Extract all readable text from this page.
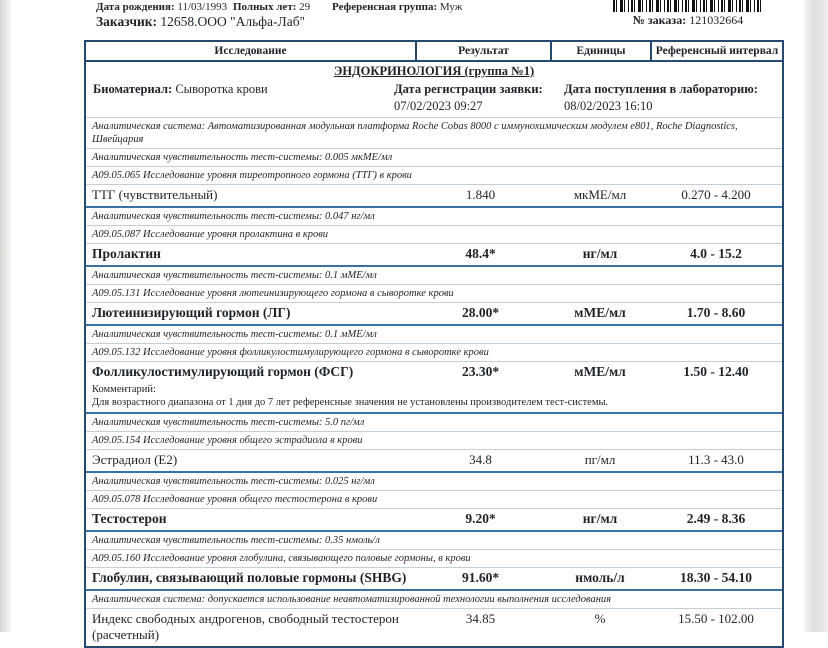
Дата рождения: 11/03/1993 Полных лет: 29 Референсная группа: Муж
Заказчик: 12658.ООО "Альфа-Лаб"	№ заказа: 121032664
Исследование	Результат	Единицы	Референсный интервал
ЭНДОКРИНОЛОГИЯ (группа №1)
Биоматериал: Сыворотка крови	Дата регистрации заявки:
07/02/2023 09:27
Дата поступления в лабораторию:
08/02/2023 16:10
Аналитическая система: Автоматизированная модульная платформа Roche Cobas 8000 с иммунохимическим модулем e801, Roche Diagnostics, Швейцария
Аналитическая чувствительность тест-системы: 0.005 мкМЕ/мл
А09.05.065 Исследование уровня тиреотропного гормона (ТТГ) в крови
ТТГ (чувствительный)	1.840	мкМЕ/мл	0.270 - 4.200
Аналитическая чувствительность тест-системы: 0.047 нг/мл
А09.05.087 Исследование уровня пролактина в крови
Пролактин	48.4*	нг/мл	4.0 - 15.2
Аналитическая чувствительность тест-системы: 0.1 мМЕ/мл
А09.05.131 Исследование уровня лютеинизирующего гормона в сыворотке крови
Лютеинизирующий гормон (ЛГ)	28.00*	мМЕ/мл	1.70 - 8.60
Аналитическая чувствительность тест-системы: 0.1 мМЕ/мл
А09.05.132 Исследование уровня фолликулостимулирующего гормона в сыворотке крови
Фолликулостимулирующий гормон (ФСГ)	23.30*	мМЕ/мл	1.50 - 12.40
Комментарий:
Для возрастного диапазона от 1 дня до 7 лет референсные значения не установлены производителем тест-системы.
Аналитическая чувствительность тест-системы: 5.0 пг/мл
А09.05.154 Исследование уровня общего эстрадиола в крови
Эстрадиол (E2)	34.8	пг/мл	11.3 - 43.0
Аналитическая чувствительность тест-системы: 0.025 нг/мл
А09.05.078 Исследование уровня общего тестостерона в крови
Тестостерон	9.20*	нг/мл	2.49 - 8.36
Аналитическая чувствительность тест-системы: 0.35 нмоль/л
А09.05.160 Исследование уровня глобулина, связывающего половые гормоны, в крови
Глобулин, связывающий половые гормоны (SHBG)	91.60*	нмоль/л	18.30 - 54.10
Аналитическая система: допускается использование неавтоматизированной технологии выполнения исследования
Индекс свободных андрогенов, свободный тестостерон (расчетный)
34.85	%	15.50 - 102.00
